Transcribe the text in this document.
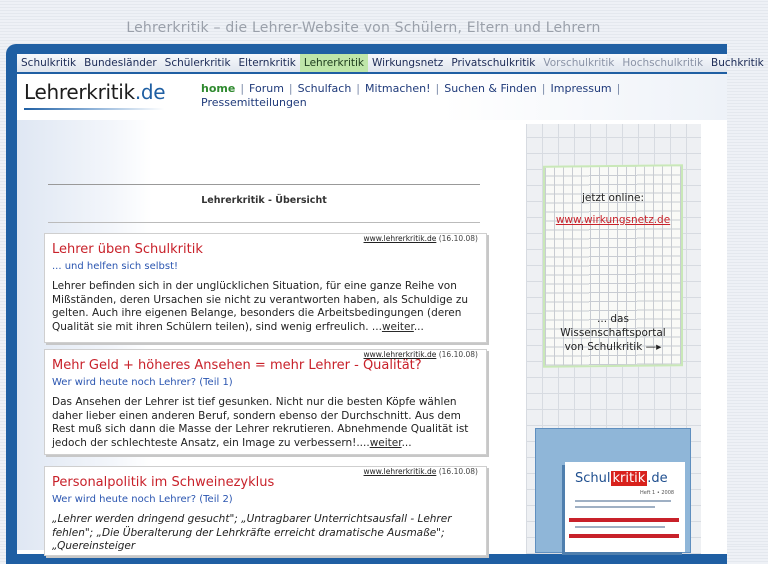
Lehrerkritik – die Lehrer-Website von Schülern, Eltern und Lehrern
Schulkritik Bundesländer Schülerkritik Elternkritik Lehrerkritik Wirkungsnetz Privatschulkritik Vorschulkritik Hochschulkritik Buchkritik
Lehrerkritik.de	home | Forum | Schulfach | Mitmachen! | Suchen & Finden | Impressum |
Pressemitteilungen
Lehrerkritik - Übersicht
www.lehrerkritik.de (16.10.08)
Lehrer üben Schulkritik
... und helfen sich selbst!
Lehrer befinden sich in der unglücklichen Situation, für eine ganze Reihe von Mißständen, deren Ursachen sie nicht zu verantworten haben, als Schuldige zu gelten. Auch ihre eigenen Belange, besonders die Arbeitsbedingungen (deren Qualität sie mit ihren Schülern teilen), sind wenig erfreulich. ...weiter...
www.lehrerkritik.de (16.10.08)
Mehr Geld + höheres Ansehen = mehr Lehrer - Qualität?
Wer wird heute noch Lehrer? (Teil 1)
Das Ansehen der Lehrer ist tief gesunken. Nicht nur die besten Köpfe wählen daher lieber einen anderen Beruf, sondern ebenso der Durchschnitt. Aus dem Rest muß sich dann die Masse der Lehrer rekrutieren. Abnehmende Qualität ist jedoch der schlechteste Ansatz, ein Image zu verbessern!....weiter...
www.lehrerkritik.de (16.10.08)
Personalpolitik im Schweinezyklus
Wer wird heute noch Lehrer? (Teil 2)
„Lehrer werden dringend gesucht"; „Untragbarer Unterrichtsausfall - Lehrer fehlen"; „Die Überalterung der Lehrkräfte erreicht dramatische Ausmaße"; „Quereinsteiger
jetzt online:
www.wirkungsnetz.de
... das Wissenschaftsportal von Schulkritik —▸
Schul kritik .de
Heft 1 • 2008
